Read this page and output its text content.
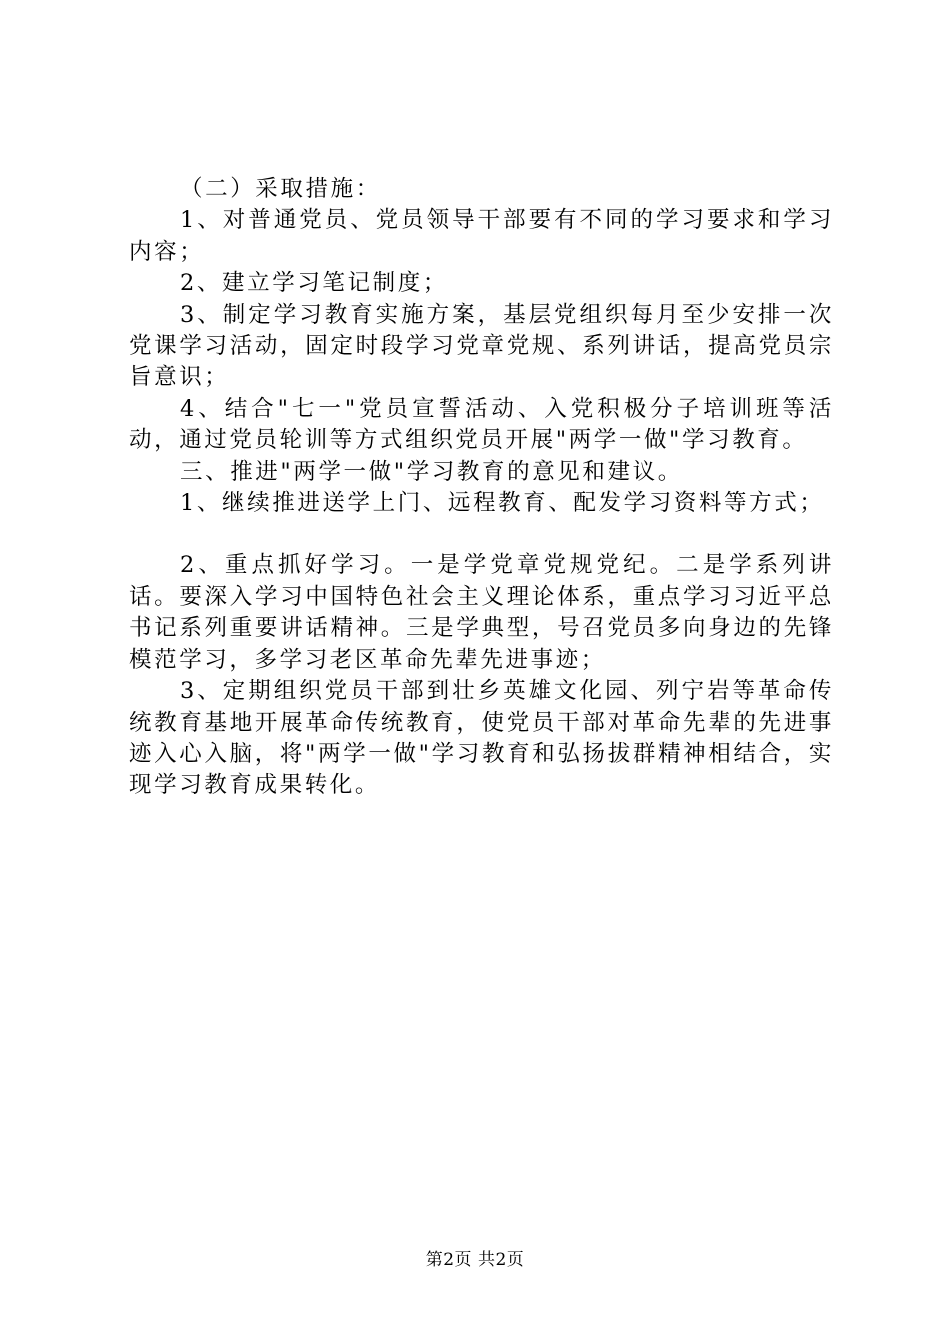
（二）采取措施：

1、对普通党员、党员领导干部要有不同的学习要求和学习内容；

2、建立学习笔记制度；

3、制定学习教育实施方案，基层党组织每月至少安排一次党课学习活动，固定时段学习党章党规、系列讲话，提高党员宗旨意识；

4、结合"七一"党员宣誓活动、入党积极分子培训班等活动，通过党员轮训等方式组织党员开展"两学一做"学习教育。

三、推进"两学一做"学习教育的意见和建议。

1、继续推进送学上门、远程教育、配发学习资料等方式；

2、重点抓好学习。一是学党章党规党纪。二是学系列讲话。要深入学习中国特色社会主义理论体系，重点学习习近平总书记系列重要讲话精神。三是学典型，号召党员多向身边的先锋模范学习，多学习老区革命先辈先进事迹；

3、定期组织党员干部到壮乡英雄文化园、列宁岩等革命传统教育基地开展革命传统教育，使党员干部对革命先辈的先进事迹入心入脑，将"两学一做"学习教育和弘扬拔群精神相结合，实现学习教育成果转化。

第2页 共2页
